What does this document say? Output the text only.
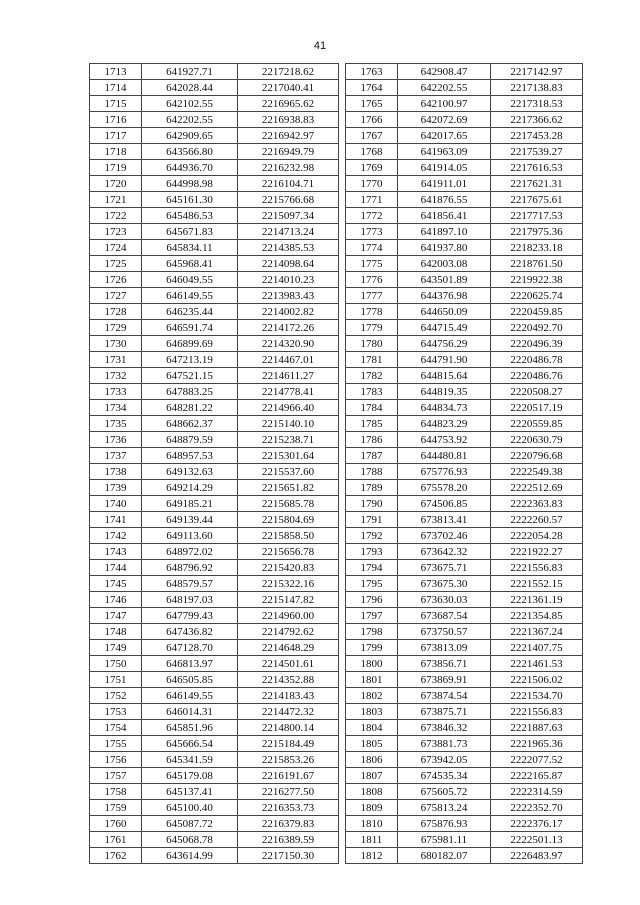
41
1713	641927.71	2217218.62
1714	642028.44	2217040.41
1715	642102.55	2216965.62
1716	642202.55	2216938.83
1717	642909.65	2216942.97
1718	643566.80	2216949.79
1719	644936.70	2216232.98
1720	644998.98	2216104.71
1721	645161.30	2215766.68
1722	645486.53	2215097.34
1723	645671.83	2214713.24
1724	645834.11	2214385.53
1725	645968.41	2214098.64
1726	646049.55	2214010.23
1727	646149.55	2213983.43
1728	646235.44	2214002.82
1729	646591.74	2214172.26
1730	646899.69	2214320.90
1731	647213.19	2214467.01
1732	647521.15	2214611.27
1733	647883.25	2214778.41
1734	648281.22	2214966.40
1735	648662.37	2215140.10
1736	648879.59	2215238.71
1737	648957.53	2215301.64
1738	649132.63	2215537.60
1739	649214.29	2215651.82
1740	649185.21	2215685.78
1741	649139.44	2215804.69
1742	649113.60	2215858.50
1743	648972.02	2215656.78
1744	648796.92	2215420.83
1745	648579.57	2215322.16
1746	648197.03	2215147.82
1747	647799.43	2214960.00
1748	647436.82	2214792.62
1749	647128.70	2214648.29
1750	646813.97	2214501.61
1751	646505.85	2214352.88
1752	646149.55	2214183.43
1753	646014.31	2214472.32
1754	645851.96	2214800.14
1755	645666.54	2215184.49
1756	645341.59	2215853.26
1757	645179.08	2216191.67
1758	645137.41	2216277.50
1759	645100.40	2216353.73
1760	645087.72	2216379.83
1761	645068.78	2216389.59
1762	643614.99	2217150.30
1763	642908.47	2217142.97
1764	642202.55	2217138.83
1765	642100.97	2217318.53
1766	642072.69	2217366.62
1767	642017.65	2217453.28
1768	641963.09	2217539.27
1769	641914.05	2217616.53
1770	641911.01	2217621.31
1771	641876.55	2217675.61
1772	641856.41	2217717.53
1773	641897.10	2217975.36
1774	641937.80	2218233.18
1775	642003.08	2218761.50
1776	643501.89	2219922.38
1777	644376.98	2220625.74
1778	644650.09	2220459.85
1779	644715.49	2220492.70
1780	644756.29	2220496.39
1781	644791.90	2220486.78
1782	644815.64	2220486.76
1783	644819.35	2220508.27
1784	644834.73	2220517.19
1785	644823.29	2220559.85
1786	644753.92	2220630.79
1787	644480.81	2220796.68
1788	675776.93	2222549.38
1789	675578.20	2222512.69
1790	674506.85	2222363.83
1791	673813.41	2222260.57
1792	673702.46	2222054.28
1793	673642.32	2221922.27
1794	673675.71	2221556.83
1795	673675.30	2221552.15
1796	673630.03	2221361.19
1797	673687.54	2221354.85
1798	673750.57	2221367.24
1799	673813.09	2221407.75
1800	673856.71	2221461.53
1801	673869.91	2221506.02
1802	673874.54	2221534.70
1803	673875.71	2221556.83
1804	673846.32	2221887.63
1805	673881.73	2221965.36
1806	673942.05	2222077.52
1807	674535.34	2222165.87
1808	675605.72	2222314.59
1809	675813.24	2222352.70
1810	675876.93	2222376.17
1811	675981.11	2222501.13
1812	680182.07	2226483.97
